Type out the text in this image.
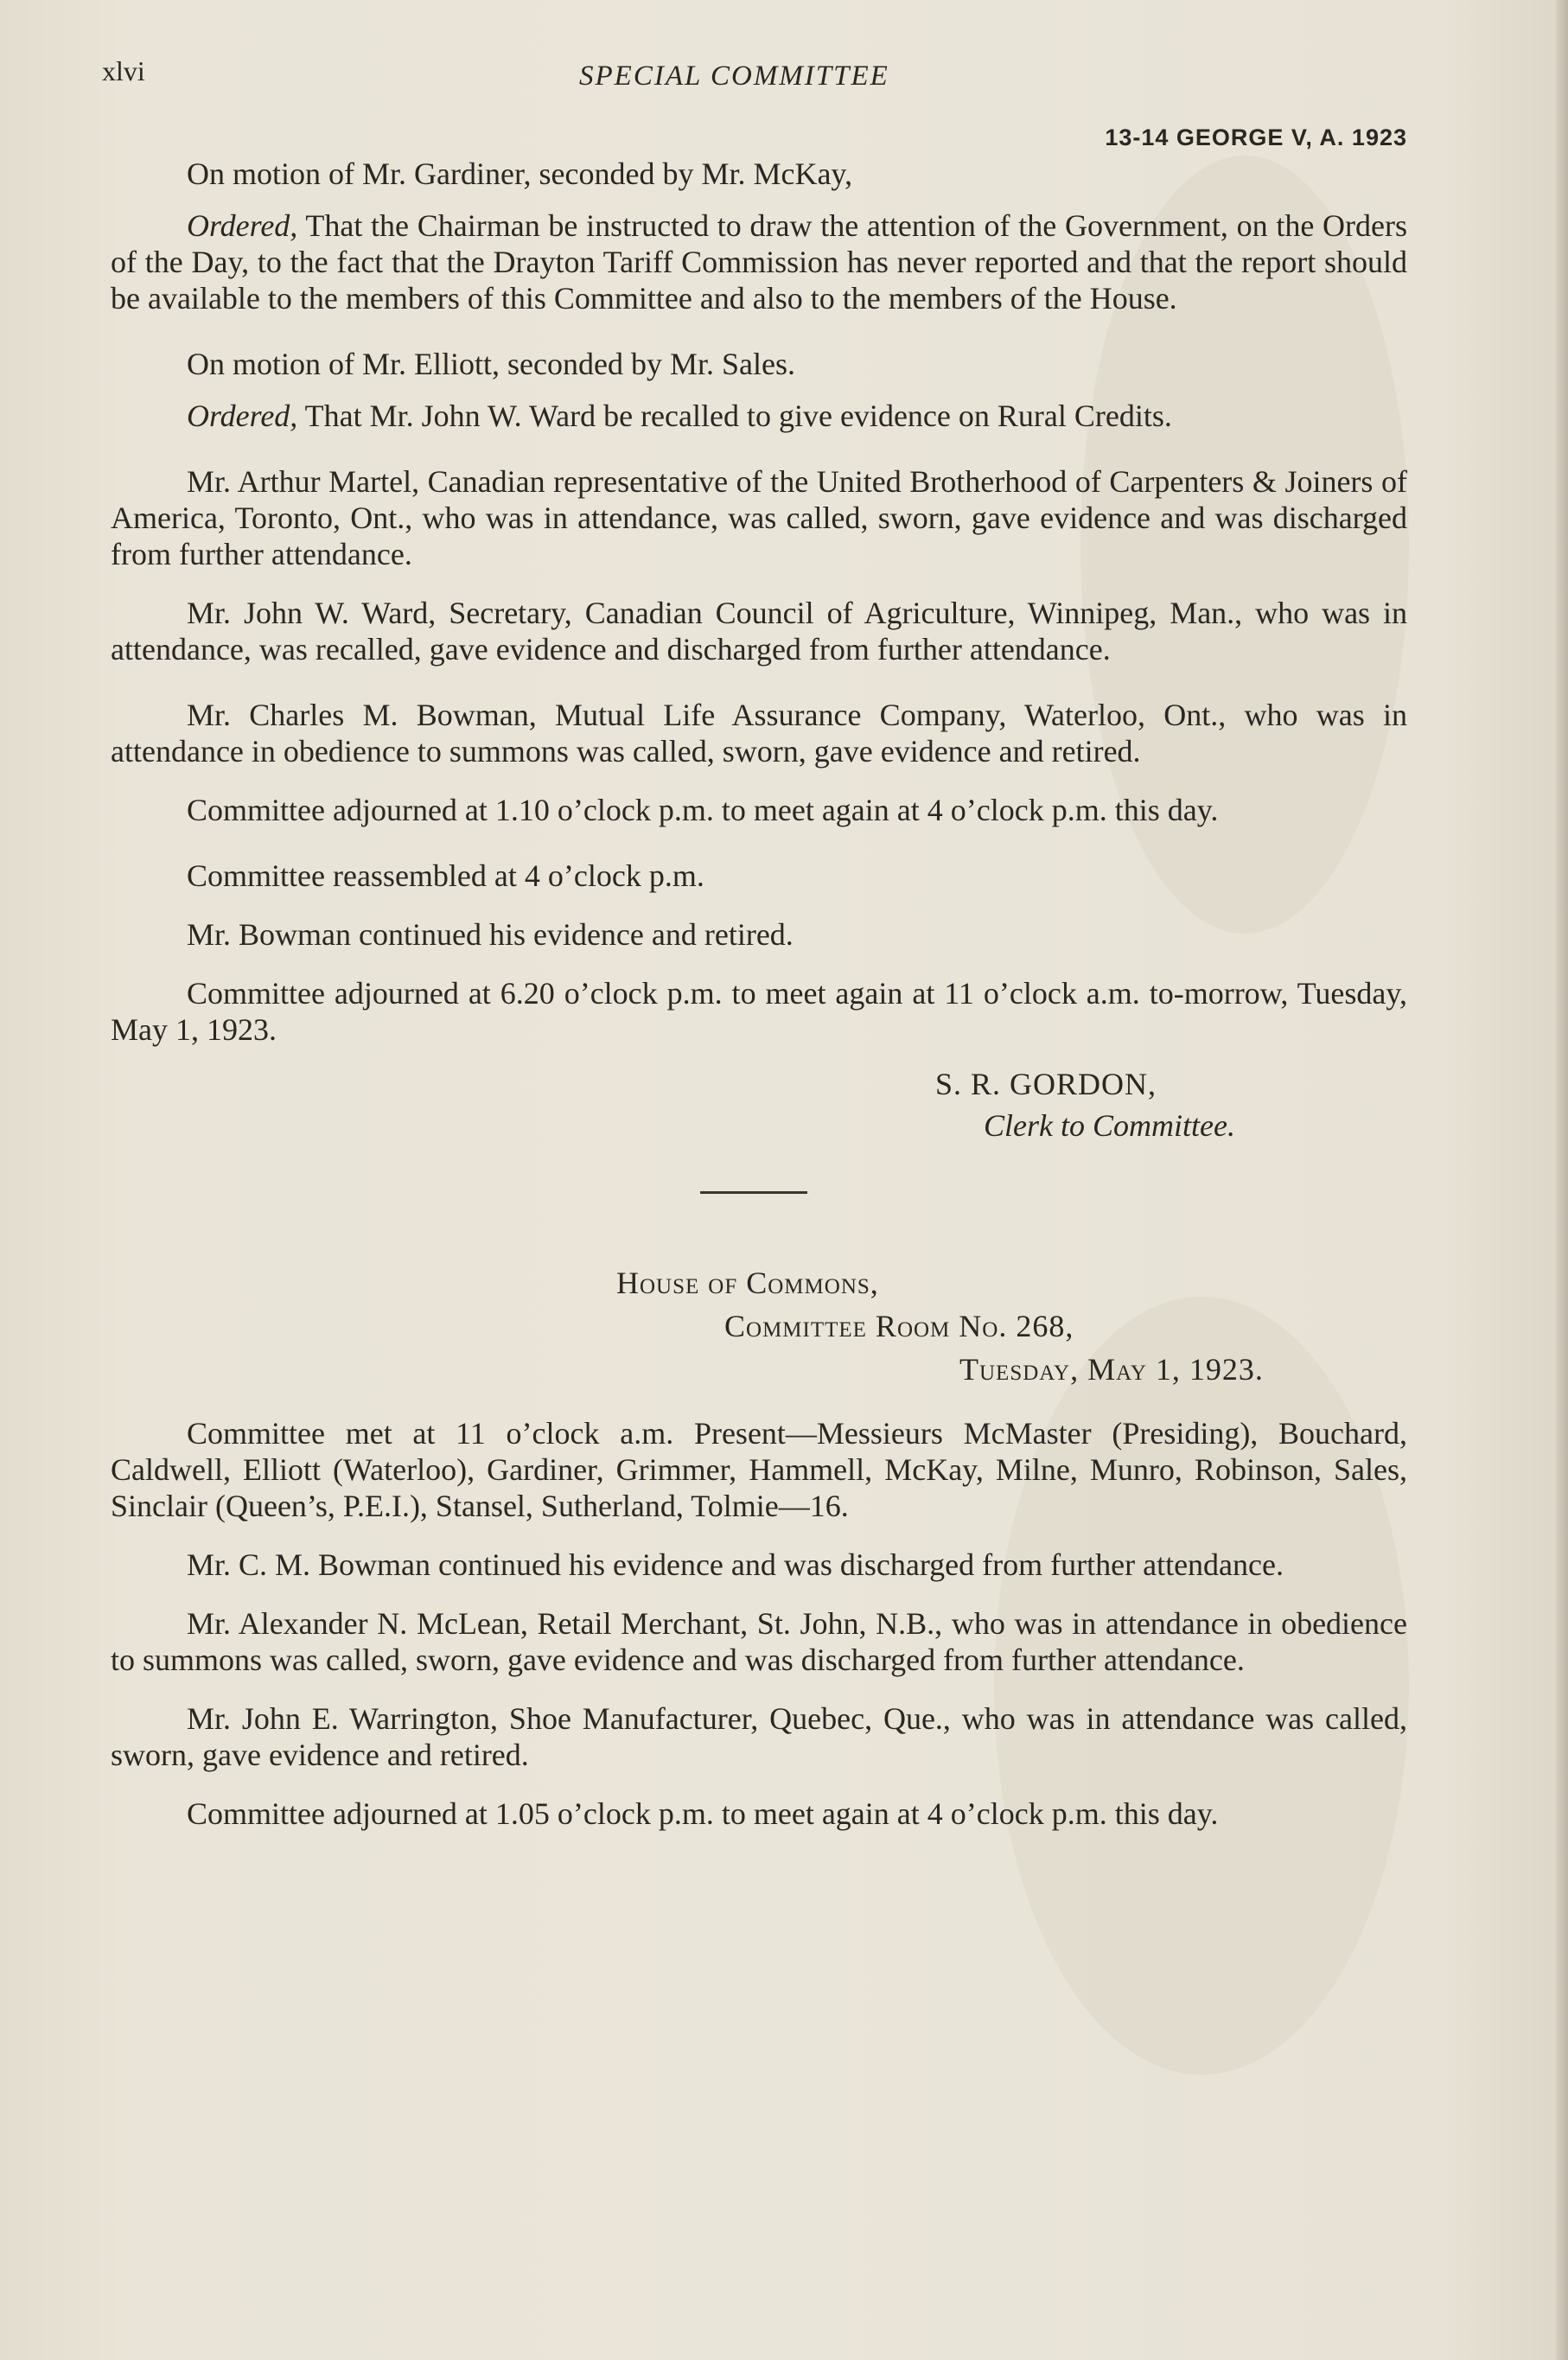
xlvi	SPECIAL COMMITTEE
13-14 GEORGE V, A. 1923

On motion of Mr. Gardiner, seconded by Mr. McKay,

Ordered, That the Chairman be instructed to draw the attention of the Government, on the Orders of the Day, to the fact that the Drayton Tariff Commission has never reported and that the report should be available to the members of this Committee and also to the members of the House.

On motion of Mr. Elliott, seconded by Mr. Sales.

Ordered, That Mr. John W. Ward be recalled to give evidence on Rural Credits.

Mr. Arthur Martel, Canadian representative of the United Brotherhood of Carpenters & Joiners of America, Toronto, Ont., who was in attendance, was called, sworn, gave evidence and was discharged from further attendance.

Mr. John W. Ward, Secretary, Canadian Council of Agriculture, Winnipeg, Man., who was in attendance, was recalled, gave evidence and discharged from further attendance.

Mr. Charles M. Bowman, Mutual Life Assurance Company, Waterloo, Ont., who was in attendance in obedience to summons was called, sworn, gave evidence and retired.

Committee adjourned at 1.10 o’clock p.m. to meet again at 4 o’clock p.m. this day.

Committee reassembled at 4 o’clock p.m.

Mr. Bowman continued his evidence and retired.

Committee adjourned at 6.20 o’clock p.m. to meet again at 11 o’clock a.m. to-morrow, Tuesday, May 1, 1923.

S. R. GORDON,
Clerk to Committee.
House of Commons,
Committee Room No. 268,
Tuesday, May 1, 1923.

Committee met at 11 o’clock a.m. Present—Messieurs McMaster (Presiding), Bouchard, Caldwell, Elliott (Waterloo), Gardiner, Grimmer, Hammell, McKay, Milne, Munro, Robinson, Sales, Sinclair (Queen’s, P.E.I.), Stansel, Sutherland, Tolmie—16.

Mr. C. M. Bowman continued his evidence and was discharged from further attendance.

Mr. Alexander N. McLean, Retail Merchant, St. John, N.B., who was in attendance in obedience to summons was called, sworn, gave evidence and was discharged from further attendance.

Mr. John E. Warrington, Shoe Manufacturer, Quebec, Que., who was in attendance was called, sworn, gave evidence and retired.

Committee adjourned at 1.05 o’clock p.m. to meet again at 4 o’clock p.m. this day.
